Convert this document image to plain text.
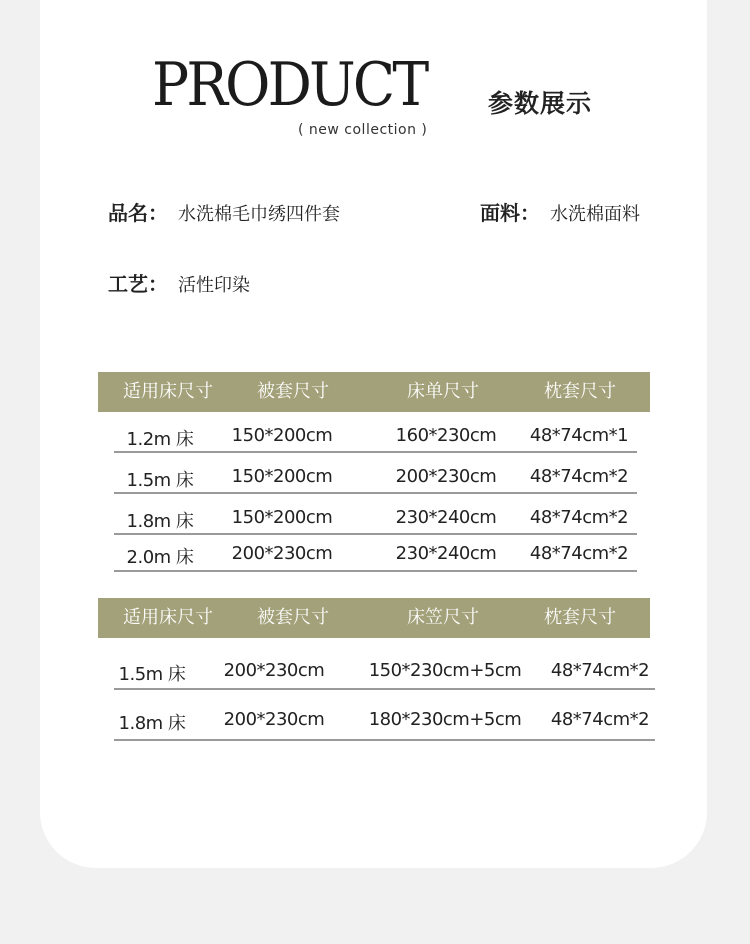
PRODUCT 参数展示
( new collection )
品名： 水洗棉毛巾绣四件套	面料： 水洗棉面料
工艺： 活性印染
适用床尺寸 被套尺寸	床单尺寸	枕套尺寸
1.2m 床 150*200cm	160*230cm 48*74cm*1
1.5m 床 150*200cm	200*230cm 48*74cm*2
1.8m 床 150*200cm	230*240cm 48*74cm*2
2.0m 床 200*230cm	230*240cm 48*74cm*2
适用床尺寸 被套尺寸	床笠尺寸	枕套尺寸
1.5m 床 200*230cm 150*230cm+5cm 48*74cm*2
1.8m 床 200*230cm 180*230cm+5cm 48*74cm*2
